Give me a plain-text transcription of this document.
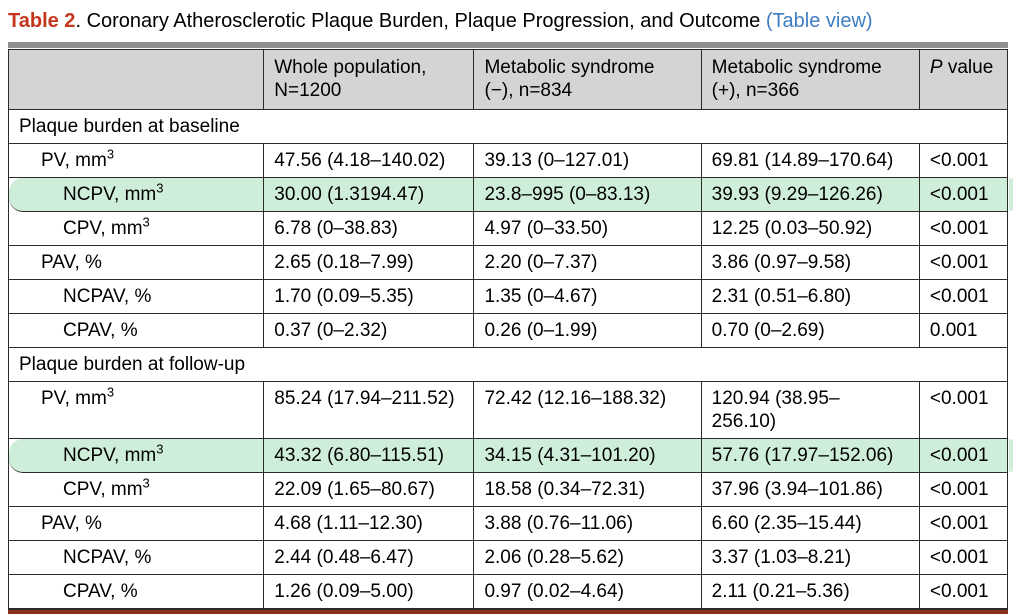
Table 2. Coronary Atherosclerotic Plaque Burden, Plaque Progression, and Outcome (Table view)
	Whole population, N=1200	Metabolic syndrome (−), n=834	Metabolic syndrome (+), n=366	P value
Plaque burden at baseline				
PV, $mm^3$	47.56 (4.18–140.02)	39.13 (0–127.01)	69.81 (14.89–170.64)	<0.001
NCPV, $mm^3$	30.00 (1.3194.47)	23.8–995 (0–83.13)	39.93 (9.29–126.26)	<0.001
CPV, $mm^3$	6.78 (0–38.83)	4.97 (0–33.50)	12.25 (0.03–50.92)	<0.001
PAV, %	2.65 (0.18–7.99)	2.20 (0–7.37)	3.86 (0.97–9.58)	<0.001
NCPAV, %	1.70 (0.09–5.35)	1.35 (0–4.67)	2.31 (0.51–6.80)	<0.001
CPAV, %	0.37 (0–2.32)	0.26 (0–1.99)	0.70 (0–2.69)	0.001
Plaque burden at follow-up				
PV, $mm^3$	85.24 (17.94–211.52)	72.42 (12.16–188.32)	120.94 (38.95–256.10)	<0.001
NCPV, $mm^3$	43.32 (6.80–115.51)	34.15 (4.31–101.20)	57.76 (17.97–152.06)	<0.001
CPV, $mm^3$	22.09 (1.65–80.67)	18.58 (0.34–72.31)	37.96 (3.94–101.86)	<0.001
PAV, %	4.68 (1.11–12.30)	3.88 (0.76–11.06)	6.60 (2.35–15.44)	<0.001
NCPAV, %	2.44 (0.48–6.47)	2.06 (0.28–5.62)	3.37 (1.03–8.21)	<0.001
CPAV, %	1.26 (0.09–5.00)	0.97 (0.02–4.64)	2.11 (0.21–5.36)	<0.001
